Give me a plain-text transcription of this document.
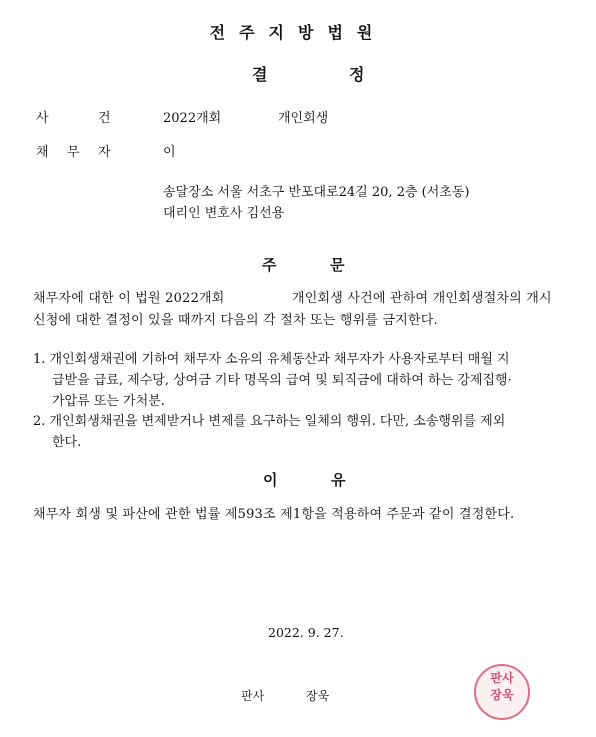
전주지방법원
결	정
사	건	2022개회	개인회생
채 무 자	이
송달장소 서울 서초구 반포대로24길 20, 2층 (서초동)
대리인 변호사 김선용
주	문
채무자에 대한 이 법원 2022개회	개인회생 사건에 관하여 개인회생절차의 개시
신청에 대한 결정이 있을 때까지 다음의 각 절차 또는 행위를 금지한다.
1. 개인회생채권에 기하여 채무자 소유의 유체동산과 채무자가 사용자로부터 매월 지
급받을 급료, 제수당, 상여금 기타 명목의 급여 및 퇴직금에 대하여 하는 강제집행·
가압류 또는 가처분.
2. 개인회생채권을 변제받거나 변제를 요구하는 일체의 행위. 다만, 소송행위를 제외
한다.
이	유
채무자 회생 및 파산에 관한 법률 제593조 제1항을 적용하여 주문과 같이 결정한다.
2022. 9. 27.
판사	장욱
판사
장욱
